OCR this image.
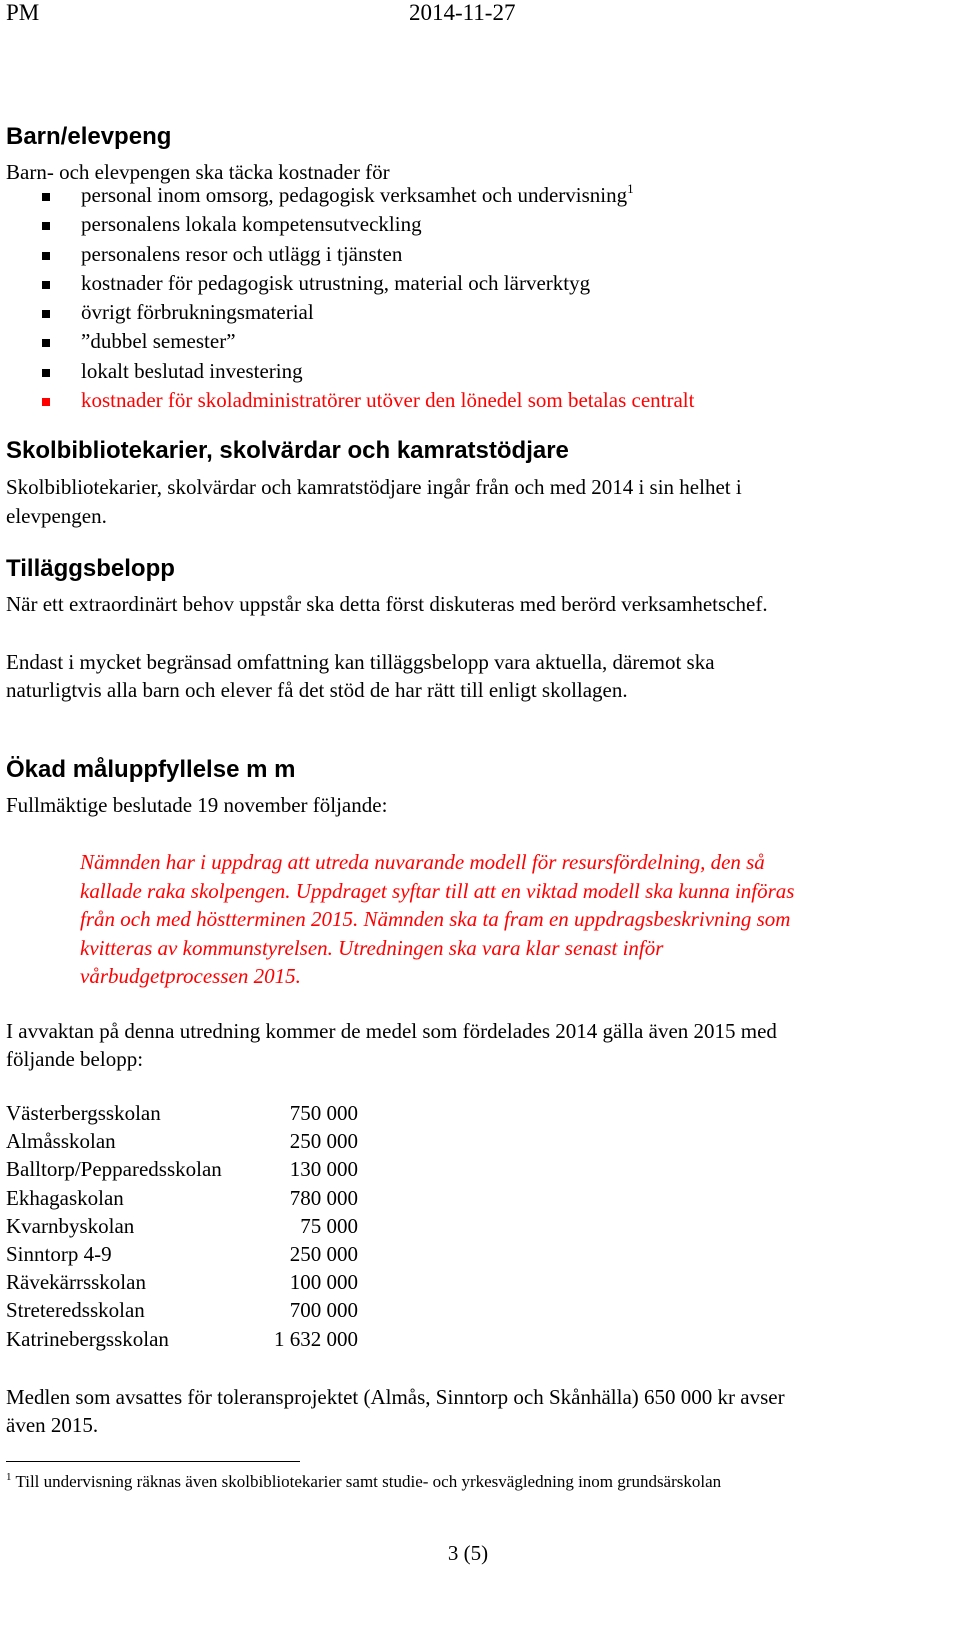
PM	2014-11-27
Barn/elevpeng
Barn- och elevpengen ska täcka kostnader för
personal inom omsorg, pedagogisk verksamhet och undervisning$^1$
personalens lokala kompetensutveckling
personalens resor och utlägg i tjänsten
kostnader för pedagogisk utrustning, material och lärverktyg
övrigt förbrukningsmaterial
”dubbel semester”
lokalt beslutad investering
kostnader för skoladministratörer utöver den lönedel som betalas centralt
Skolbibliotekarier, skolvärdar och kamratstödjare
Skolbibliotekarier, skolvärdar och kamratstödjare ingår från och med 2014 i sin helhet i
elevpengen.
Tilläggsbelopp
När ett extraordinärt behov uppstår ska detta först diskuteras med berörd verksamhetschef.
Endast i mycket begränsad omfattning kan tilläggsbelopp vara aktuella, däremot ska
naturligtvis alla barn och elever få det stöd de har rätt till enligt skollagen.
Ökad måluppfyllelse m m
Fullmäktige beslutade 19 november följande:
Nämnden har i uppdrag att utreda nuvarande modell för resursfördelning, den så
kallade raka skolpengen. Uppdraget syftar till att en viktad modell ska kunna införas
från och med höstterminen 2015. Nämnden ska ta fram en uppdragsbeskrivning som
kvitteras av kommunstyrelsen. Utredningen ska vara klar senast inför
vårbudgetprocessen 2015.
I avvaktan på denna utredning kommer de medel som fördelades 2014 gälla även 2015 med
följande belopp:
Västerbergsskolan	750 000
Almåsskolan	250 000
Balltorp/Pepparedsskolan	130 000
Ekhagaskolan	780 000
Kvarnbyskolan	75 000
Sinntorp 4-9	250 000
Rävekärrsskolan	100 000
Streteredsskolan	700 000
Katrinebergsskolan	1 632 000
Medlen som avsattes för toleransprojektet (Almås, Sinntorp och Skånhälla) 650 000 kr avser
även 2015.
$^1$ Till undervisning räknas även skolbibliotekarier samt studie- och yrkesvägledning inom grundsärskolan
3 (5)
